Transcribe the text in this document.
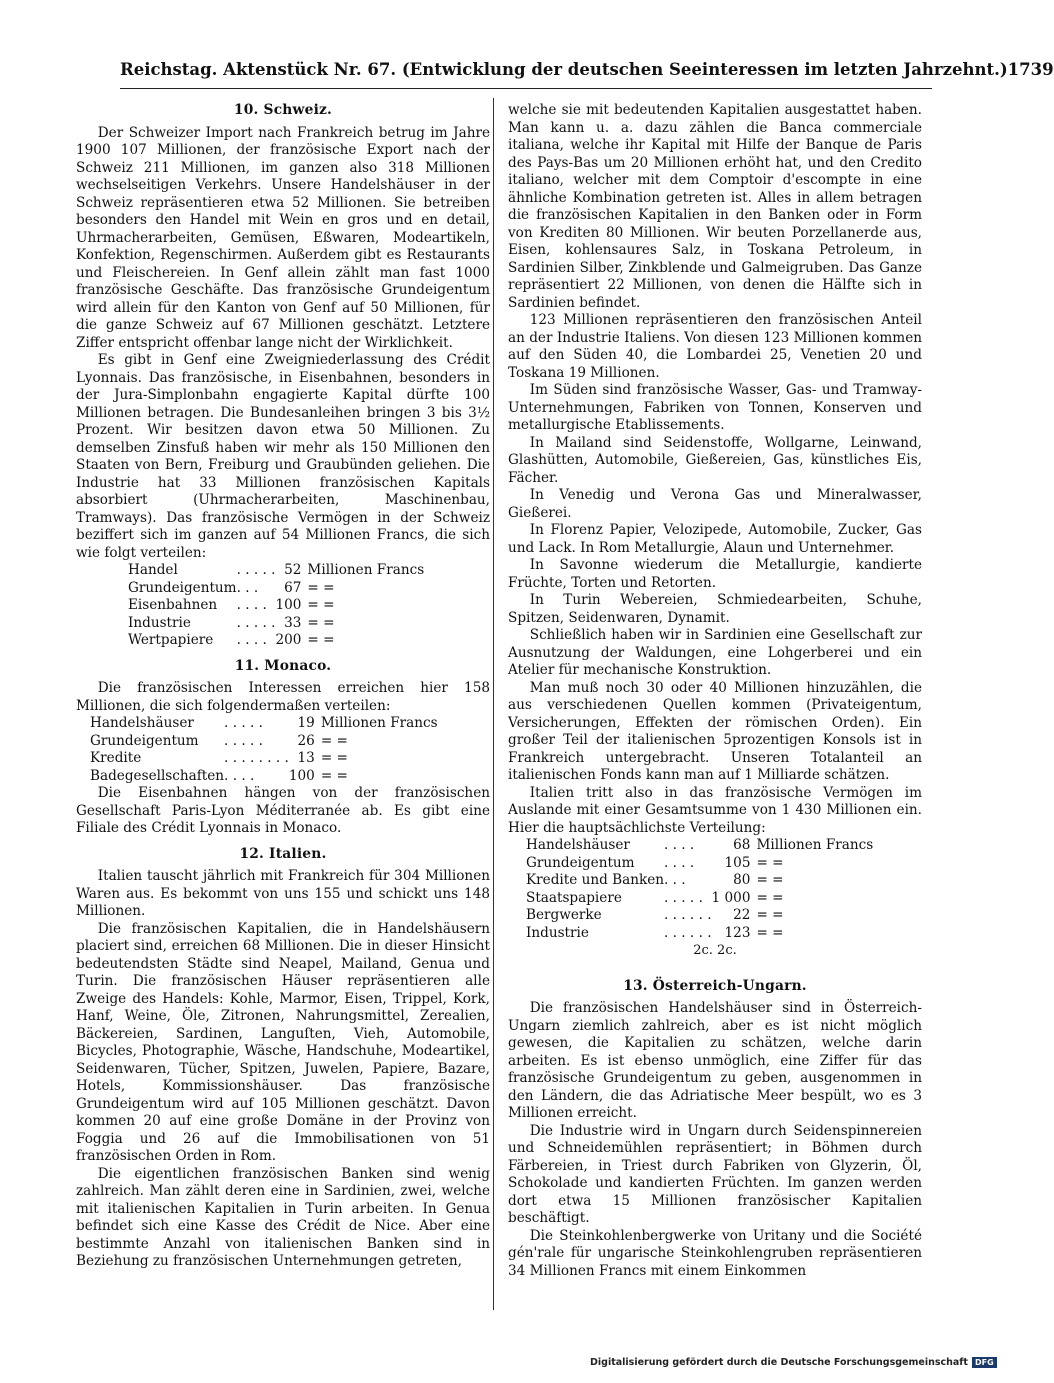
Reichstag. Aktenstück Nr. 67. (Entwicklung der deutschen Seeinteressen im letzten Jahrzehnt.) 1739
10. Schweiz.

Der Schweizer Import nach Frankreich betrug im Jahre 1900 107 Millionen, der französische Export nach der Schweiz 211 Millionen, im ganzen also 318 Millionen wechselseitigen Verkehrs. Unsere Handelshäuser in der Schweiz repräsentieren etwa 52 Millionen. Sie betreiben besonders den Handel mit Wein en gros und en detail, Uhrmacherarbeiten, Gemüsen, Eßwaren, Modeartikeln, Konfektion, Regenschirmen. Außerdem gibt es Restaurants und Fleischereien. In Genf allein zählt man fast 1000 französische Geschäfte. Das französische Grundeigentum wird allein für den Kanton von Genf auf 50 Millionen, für die ganze Schweiz auf 67 Millionen geschätzt. Letztere Ziffer entspricht offenbar lange nicht der Wirklichkeit.

Es gibt in Genf eine Zweigniederlassung des Crédit Lyonnais. Das französische, in Eisenbahnen, besonders in der Jura-Simplonbahn engagierte Kapital dürfte 100 Millionen betragen. Die Bundesanleihen bringen 3 bis 3½ Prozent. Wir besitzen davon etwa 50 Millionen. Zu demselben Zinsfuß haben wir mehr als 150 Millionen den Staaten von Bern, Freiburg und Graubünden geliehen. Die Industrie hat 33 Millionen französischen Kapitals absorbiert (Uhrmacherarbeiten, Maschinenbau, Tramways). Das französische Vermögen in der Schweiz beziffert sich im ganzen auf 54 Millionen Francs, die sich wie folgt verteilen:

Handel	. . . . .	52	Millionen Francs
Grundeigentum	. . .	67	= =
Eisenbahnen	. . . .	100	= =
Industrie	. . . . .	33	= =
Wertpapiere	. . . .	200	= =
11. Monaco.

Die französischen Interessen erreichen hier 158 Millionen, die sich folgendermaßen verteilen:

Handelshäuser	. . . . .	19	Millionen Francs
Grundeigentum	. . . . .	26	= =
Kredite	. . . . . . . .	13	= =
Badegesellschaften	. . . .	100	= =

Die Eisenbahnen hängen von der französischen Gesellschaft Paris-Lyon Méditerranée ab. Es gibt eine Filiale des Crédit Lyonnais in Monaco.

12. Italien.

Italien tauscht jährlich mit Frankreich für 304 Millionen Waren aus. Es bekommt von uns 155 und schickt uns 148 Millionen.

Die französischen Kapitalien, die in Handelshäusern placiert sind, erreichen 68 Millionen. Die in dieser Hinsicht bedeutendsten Städte sind Neapel, Mailand, Genua und Turin. Die französischen Häuser repräsentieren alle Zweige des Handels: Kohle, Marmor, Eisen, Trippel, Kork, Hanf, Weine, Öle, Zitronen, Nahrungsmittel, Zerealien, Bäckereien, Sardinen, Languſten, Vieh, Automobile, Bicycles, Photographie, Wäsche, Handschuhe, Modeartikel, Seidenwaren, Tücher, Spitzen, Juwelen, Papiere, Bazare, Hotels, Kommissionshäuser. Das französische Grundeigentum wird auf 105 Millionen geschätzt. Davon kommen 20 auf eine große Domäne in der Provinz von Foggia und 26 auf die Immobilisationen von 51 französischen Orden in Rom.

Die eigentlichen französischen Banken sind wenig zahlreich. Man zählt deren eine in Sardinien, zwei, welche mit italienischen Kapitalien in Turin arbeiten. In Genua befindet sich eine Kasse des Crédit de Nice. Aber eine bestimmte Anzahl von italienischen Banken sind in Beziehung zu französischen Unternehmungen getreten,

welche sie mit bedeutenden Kapitalien ausgestattet haben. Man kann u. a. dazu zählen die Banca commerciale italiana, welche ihr Kapital mit Hilfe der Banque de Paris des Pays-Bas um 20 Millionen erhöht hat, und den Credito italiano, welcher mit dem Comptoir d'escompte in eine ähnliche Kombination getreten ist. Alles in allem betragen die französischen Kapitalien in den Banken oder in Form von Krediten 80 Millionen. Wir beuten Porzellanerde aus, Eisen, kohlensaures Salz, in Toskana Petroleum, in Sardinien Silber, Zinkblende und Galmeigruben. Das Ganze repräsentiert 22 Millionen, von denen die Hälfte sich in Sardinien befindet.

123 Millionen repräsentieren den französischen Anteil an der Industrie Italiens. Von diesen 123 Millionen kommen auf den Süden 40, die Lombardei 25, Venetien 20 und Toskana 19 Millionen.

Im Süden sind französische Wasser, Gas- und Tramway-Unternehmungen, Fabriken von Tonnen, Konserven und metallurgische Etablissements.

In Mailand sind Seidenstoffe, Wollgarne, Leinwand, Glashütten, Automobile, Gießereien, Gas, künstliches Eis, Fächer.

In Venedig und Verona Gas und Mineralwasser, Gießerei.

In Florenz Papier, Velozipede, Automobile, Zucker, Gas und Lack. In Rom Metallurgie, Alaun und Unternehmer.

In Savonne wiederum die Metallurgie, kandierte Früchte, Torten und Retorten.

In Turin Webereien, Schmiedearbeiten, Schuhe, Spitzen, Seidenwaren, Dynamit.

Schließlich haben wir in Sardinien eine Gesellschaft zur Ausnutzung der Waldungen, eine Lohgerberei und ein Atelier für mechanische Konstruktion.

Man muß noch 30 oder 40 Millionen hinzuzählen, die aus verschiedenen Quellen kommen (Privateigentum, Versicherungen, Effekten der römischen Orden). Ein großer Teil der italienischen 5prozentigen Konsols ist in Frankreich untergebracht. Unseren Totalanteil an italienischen Fonds kann man auf 1 Milliarde schätzen.

Italien tritt also in das französische Vermögen im Auslande mit einer Gesamtsumme von 1 430 Millionen ein. Hier die hauptsächlichste Verteilung:

Handelshäuser	. . . .	68	Millionen Francs
Grundeigentum	. . . .	105	= =
Kredite und Banken	. . .	80	= =
Staatspapiere	. . . . .	1 000	= =
Bergwerke	. . . . . .	22	= =
Industrie	. . . . . .	123	= =
2c. 2c.
13. Österreich-Ungarn.

Die französischen Handelshäuser sind in Österreich-Ungarn ziemlich zahlreich, aber es ist nicht möglich gewesen, die Kapitalien zu schätzen, welche darin arbeiten. Es ist ebenso unmöglich, eine Ziffer für das französische Grundeigentum zu geben, ausgenommen in den Ländern, die das Adriatische Meer bespült, wo es 3 Millionen erreicht.

Die Industrie wird in Ungarn durch Seidenspinnereien und Schneidemühlen repräsentiert; in Böhmen durch Färbereien, in Triest durch Fabriken von Glyzerin, Öl, Schokolade und kandierten Früchten. Im ganzen werden dort etwa 15 Millionen französischer Kapitalien beschäftigt.

Die Steinkohlenbergwerke von Uritany und die Société gén'rale für ungarische Steinkohlengruben repräsentieren 34 Millionen Francs mit einem Einkommen

Digitalisierung gefördert durch die Deutsche Forschungsgemeinschaft DFG
